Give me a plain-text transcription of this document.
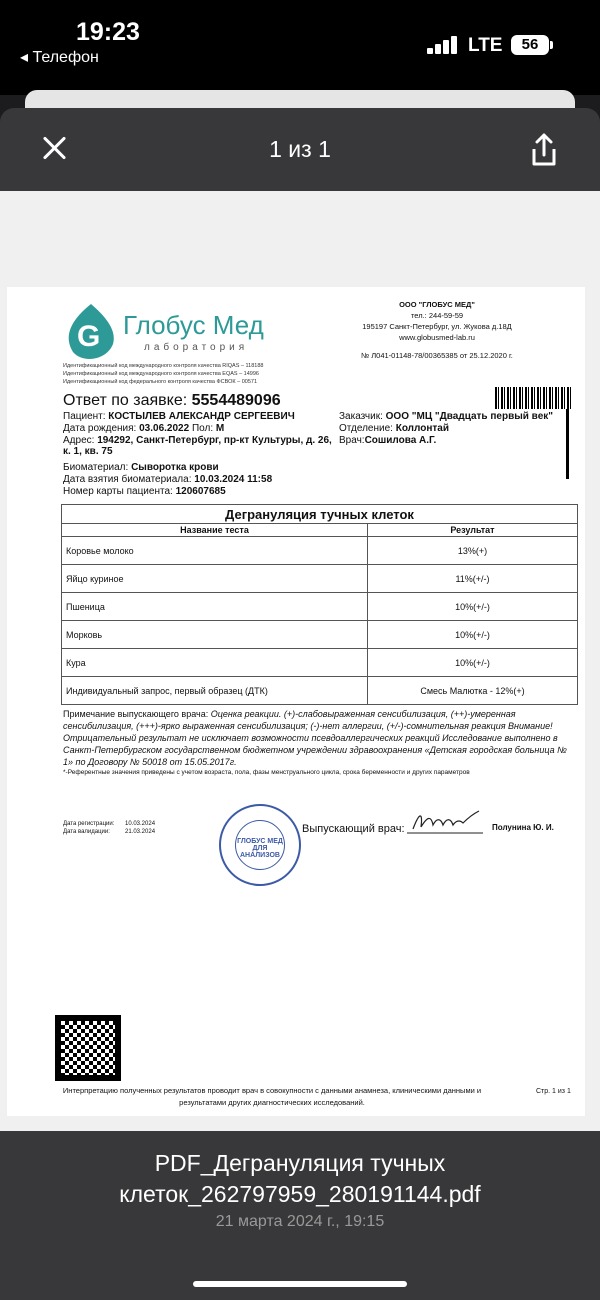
19:23
◂ Телефон
LTE	56
1 из 1
G Глобус Мед
лаборатория
Идентификационный код международного контроля качества RIQAS – 118188
Идентификационный код международного контроля качества EQAS – 14996
Идентификационный код федерального контроля качества ФСВОК – 00571
ООО "ГЛОБУС МЕД"
тел.: 244-59-59
195197 Санкт-Петербург, ул. Жукова д.18Д
www.globusmed-lab.ru
№ Л041-01148-78/00365385 от 25.12.2020 г.
Ответ по заявке: 5554489096
Пациент: КОСТЫЛЕВ АЛЕКСАНДР СЕРГЕЕВИЧ
Дата рождения: 03.06.2022 Пол: М
Адрес: 194292, Санкт-Петербург, пр-кт Культуры, д. 26, к. 1, кв. 75
Биоматериал: Сыворотка крови
Дата взятия биоматериала: 10.03.2024 11:58
Номер карты пациента: 120607685
Заказчик: ООО "МЦ "Двадцать первый век"
Отделение: Коллонтай
Врач:Сошилова А.Г.
Дегрануляция тучных клеток	
Название теста	Результат
Коровье молоко	13%(+)
Яйцо куриное	11%(+/-)
Пшеница	10%(+/-)
Морковь	10%(+/-)
Кура	10%(+/-)
Индивидуальный запрос, первый образец (ДТК)	Смесь Малютка - 12%(+)
Примечание выпускающего врача: Оценка реакции. (+)-слабовыраженная сенсибилизация, (++)-умеренная сенсибилизация, (+++)-ярко выраженная сенсибилизация; (-)-нет аллергии, (+/-)-сомнительная реакция Внимание! Отрицательный результат не исключает возможности псевдоаллергических реакций Исследование выполнено в Санкт-Петербургском государственном бюджетном учреждении здравоохранения «Детская городская больница № 1» по Договору № 50018 от 15.05.2017г.
*-Референтные значения приведены с учетом возраста, пола, фазы менструального цикла, срока беременности и других параметров
Дата регистрации: 10.03.2024
Дата валидации:	21.03.2024
ГЛОБУС МЕД ДЛЯ АНАЛИЗОВ
Выпускающий врач:	Полунина Ю. И.
Интерпретацию полученных результатов проводит врач в совокупности с данными анамнеза, клиническими данными и результатами других диагностических исследований.
Стр. 1 из 1
PDF_Дегрануляция тучных клеток_262797959_280191144.pdf
21 марта 2024 г., 19:15
